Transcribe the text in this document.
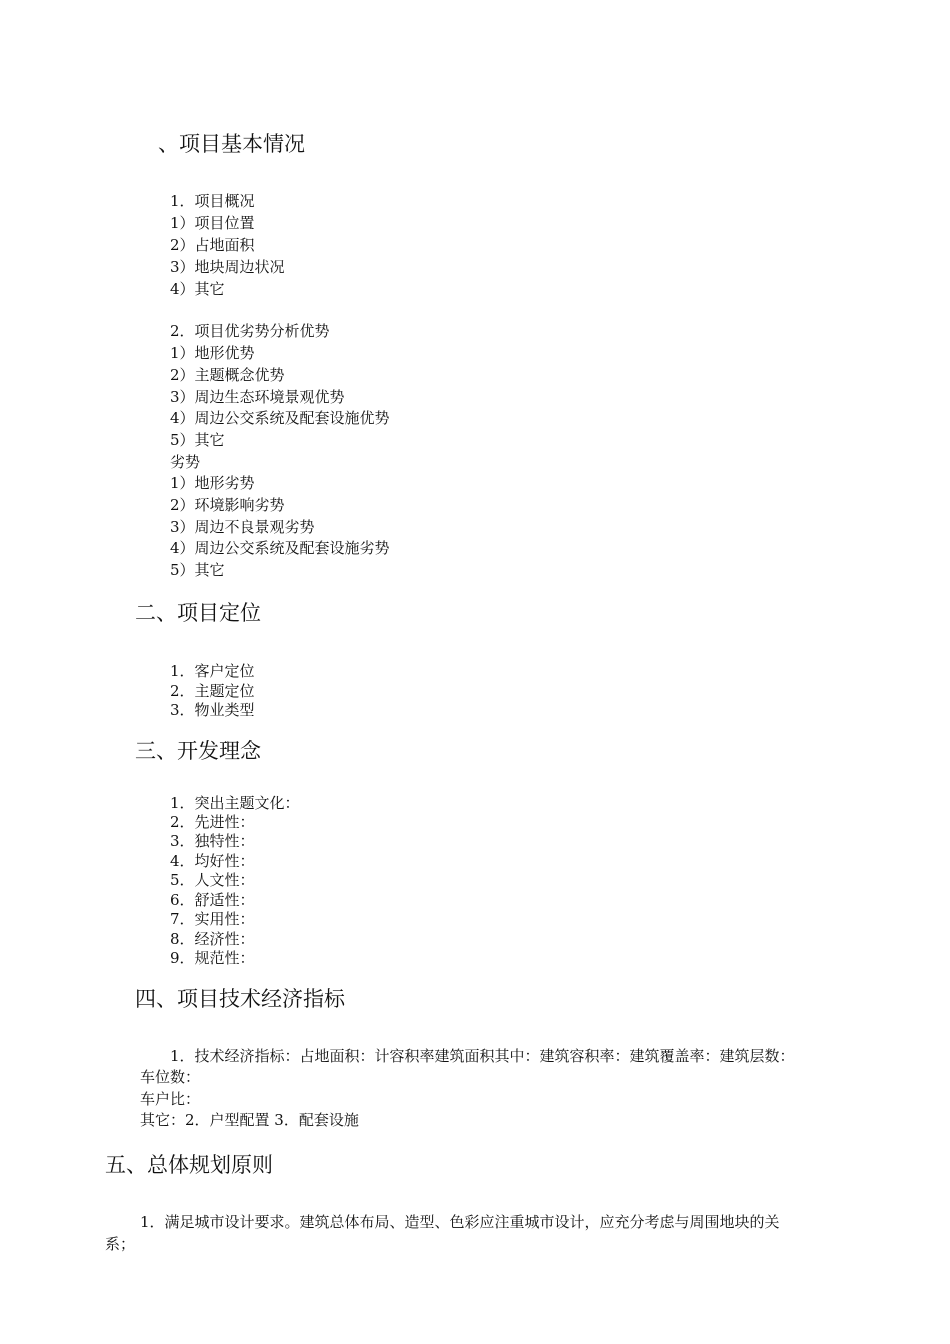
、项目基本情况
1．项目概况
1）项目位置
2）占地面积
3）地块周边状况
4）其它
2．项目优劣势分析优势
1）地形优势
2）主题概念优势
3）周边生态环境景观优势
4）周边公交系统及配套设施优势
5）其它
劣势
1）地形劣势
2）环境影响劣势
3）周边不良景观劣势
4）周边公交系统及配套设施劣势
5）其它
二、项目定位
1．客户定位
2．主题定位
3．物业类型
三、开发理念
1．突出主题文化：
2．先进性：
3．独特性：
4．均好性：
5．人文性：
6．舒适性：
7．实用性：
8．经济性：
9．规范性：
四、项目技术经济指标
1．技术经济指标：占地面积：计容积率建筑面积其中：建筑容积率：建筑覆盖率：建筑层数：
车位数：
车户比：
其它：2．户型配置 3．配套设施
五、总体规划原则
1．满足城市设计要求。建筑总体布局、造型、色彩应注重城市设计，应充分考虑与周围地块的关
系；
